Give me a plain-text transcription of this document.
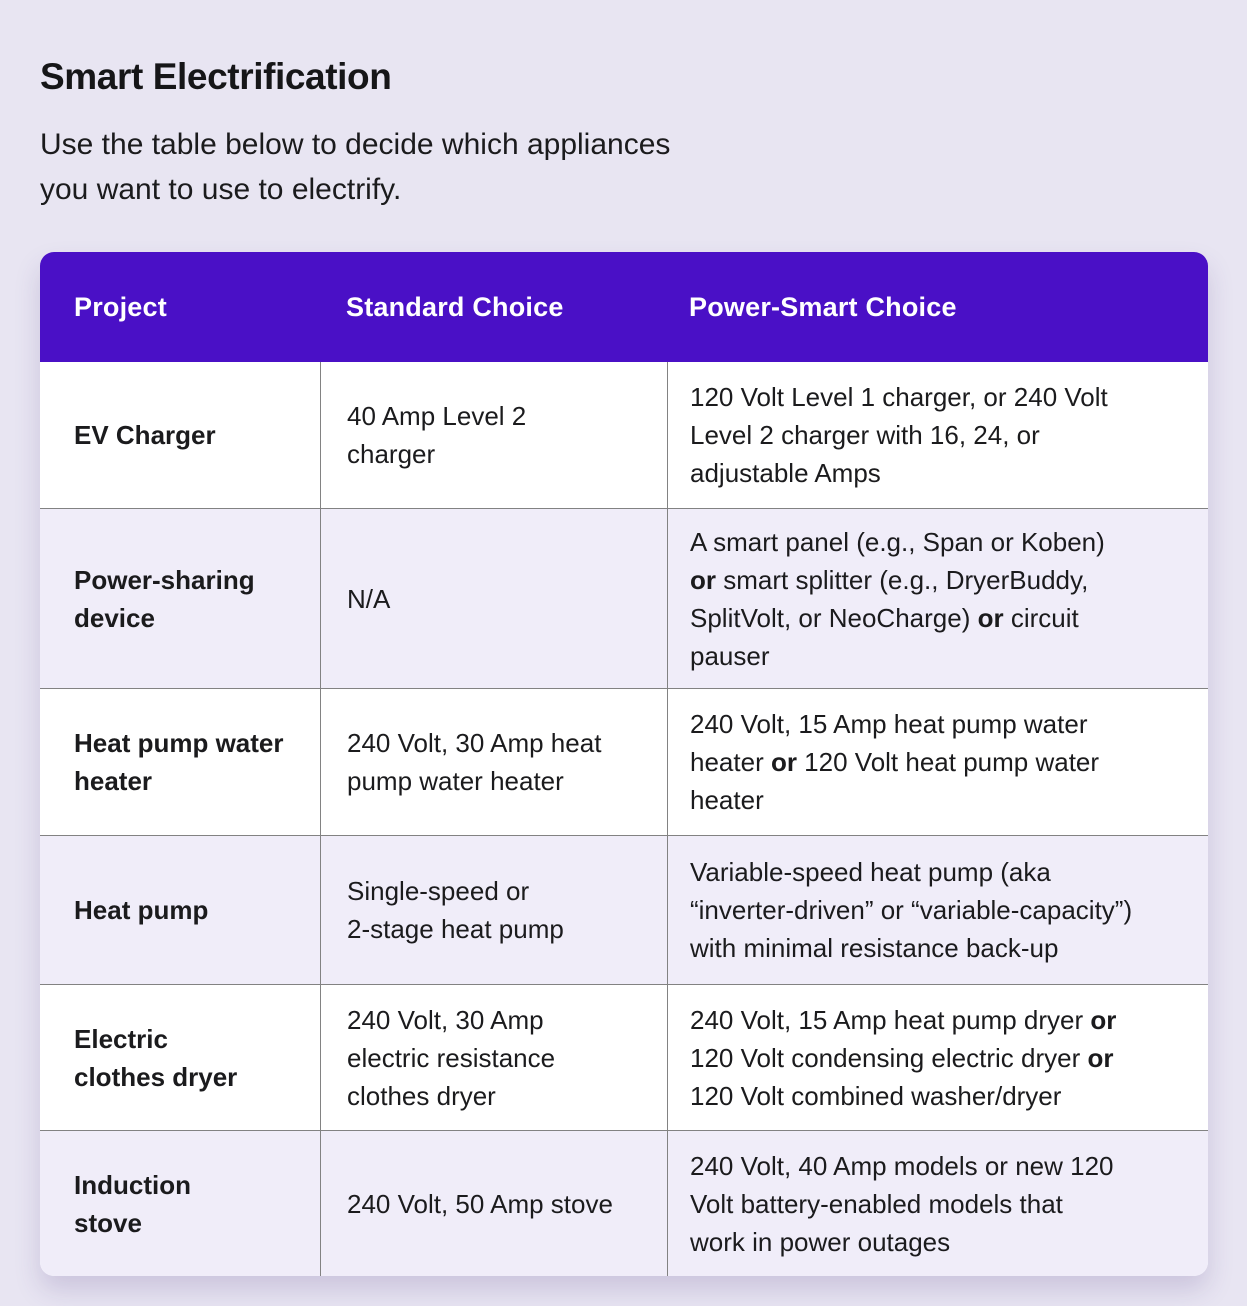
Smart Electrification

Use the table below to decide which appliances you want to use to electrify.

Project	Standard Choice	Power-Smart Choice
EV Charger
40 Amp Level 2
charger
120 Volt Level 1 charger, or 240 Volt
Level 2 charger with 16, 24, or
adjustable Amps
Power-sharing
device
N/A
A smart panel (e.g., Span or Koben)
or smart splitter (e.g., DryerBuddy,
SplitVolt, or NeoCharge) or circuit
pauser
Heat pump water
heater
240 Volt, 30 Amp heat
pump water heater
240 Volt, 15 Amp heat pump water
heater or 120 Volt heat pump water
heater
Heat pump
Single-speed or
2-stage heat pump
Variable-speed heat pump (aka
“inverter-driven” or “variable-capacity”)
with minimal resistance back-up
Electric
clothes dryer
240 Volt, 30 Amp
electric resistance
clothes dryer
240 Volt, 15 Amp heat pump dryer or
120 Volt condensing electric dryer or
120 Volt combined washer/dryer
Induction
stove
240 Volt, 50 Amp stove
240 Volt, 40 Amp models or new 120
Volt battery-enabled models that
work in power outages
